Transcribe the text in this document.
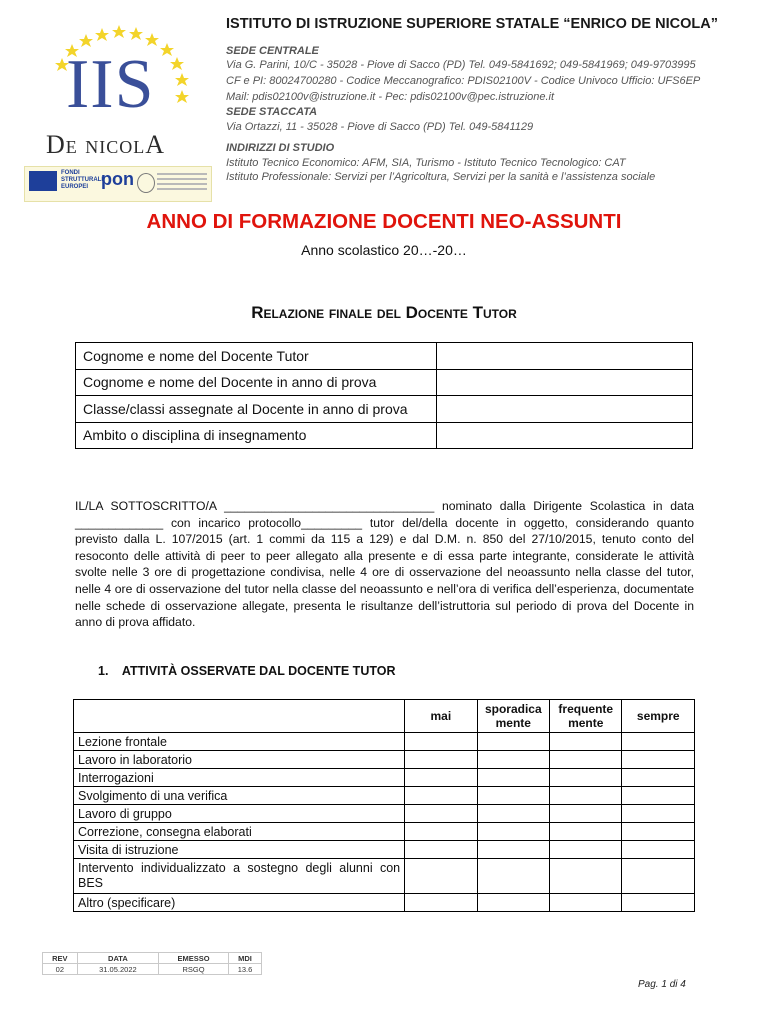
IIS
De nicolA
FONDI STRUTTURALI EUROPEI pon
ISTITUTO DI ISTRUZIONE SUPERIORE STATALE “ENRICO DE NICOLA”
SEDE CENTRALE
Via G. Parini, 10/C - 35028 - Piove di Sacco (PD) Tel. 049-5841692; 049-5841969; 049-9703995
CF e PI: 80024700280 - Codice Meccanografico: PDIS02100V - Codice Univoco Ufficio: UFS6EP
Mail: pdis02100v@istruzione.it - Pec: pdis02100v@pec.istruzione.it
SEDE STACCATA
Via Ortazzi, 11 - 35028 - Piove di Sacco (PD) Tel. 049-5841129
INDIRIZZI DI STUDIO
Istituto Tecnico Economico: AFM, SIA, Turismo - Istituto Tecnico Tecnologico: CAT
Istituto Professionale: Servizi per l’Agricoltura, Servizi per la sanità e l’assistenza sociale
ANNO DI FORMAZIONE DOCENTI NEO-ASSUNTI
Anno scolastico 20…-20…
Relazione finale del Docente Tutor
Cognome e nome del Docente Tutor	
Cognome e nome del Docente in anno di prova	
Classe/classi assegnate al Docente in anno di prova	
Ambito o disciplina di insegnamento	
IL/LA SOTTOSCRITTO/A _______________________________ nominato dalla Dirigente Scolastica in data _____________ con incarico protocollo_________ tutor del/della docente in oggetto, considerando quanto previsto dalla L. 107/2015 (art. 1 commi da 115 a 129) e dal D.M. n. 850 del 27/10/2015, tenuto conto del resoconto delle attività di peer to peer allegato alla presente e di essa parte integrante, considerate le attività svolte nelle 3 ore di progettazione condivisa, nelle 4 ore di osservazione del neoassunto nella classe del tutor, nelle 4 ore di osservazione del tutor nella classe del neoassunto e nell’ora di verifica dell’esperienza, documentate nelle schede di osservazione allegate, presenta le risultanze dell’istruttoria sul periodo di prova del Docente in anno di prova affidato.
1. ATTIVITÀ OSSERVATE DAL DOCENTE TUTOR
	mai	sporadica mente	frequente mente	sempre
Lezione frontale				
Lavoro in laboratorio				
Interrogazioni				
Svolgimento di una verifica				
Lavoro di gruppo				
Correzione, consegna elaborati				
Visita di istruzione				
Intervento individualizzato a sostegno degli alunni con BES				
Altro (specificare)				
REV	DATA	EMESSO	MDI
02	31.05.2022	RSGQ	13.6
Pag. 1 di 4
